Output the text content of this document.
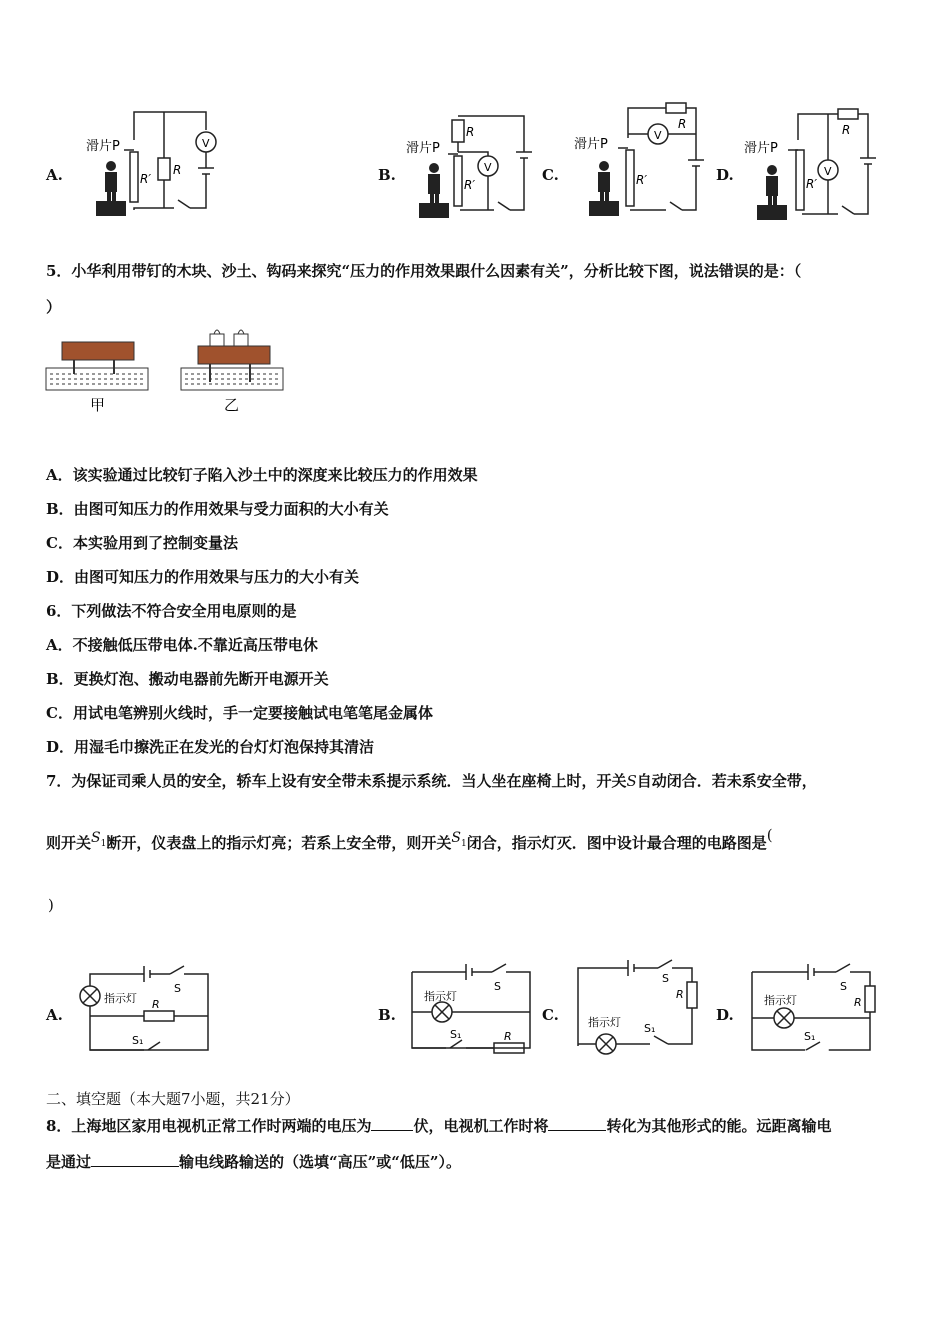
A.	B.	C.	D.
滑片P	V
R
R′
滑片P
R
V
R′
滑片P
V
R
R′
滑片P
R
V
R′
5．小华利用带钉的木块、沙土、钩码来探究“压力的作用效果跟什么因素有关”，分析比较下图，说法错误的是：（
）
甲	乙
A．该实验通过比较钉子陷入沙土中的深度来比较压力的作用效果
B．由图可知压力的作用效果与受力面积的大小有关
C．本实验用到了控制变量法
D．由图可知压力的作用效果与压力的大小有关
6．下列做法不符合安全用电原则的是
A．不接触低压带电体.不靠近高压带电休
B．更换灯泡、搬动电器前先断开电源开关
C．用试电笔辨别火线时，手一定要接触试电笔笔尾金属体
D．用湿毛巾擦洗正在发光的台灯灯泡保持其清洁
7．为保证司乘人员的安全，轿车上设有安全带未系提示系统．当人坐在座椅上时，开关S自动闭合．若未系安全带，
则开关$S_1$断开，仪表盘上的指示灯亮；若系上安全带，则开关$S_1$闭合，指示灯灭．图中设计最合理的电路图是(
)
A.	B.	C.	D.
指示灯
S
R
S₁
指示灯
S
S₁	R
S
R
指示灯 S₁
指示灯
S
R
S₁
二、填空题（本大题7小题，共21分）
8．上海地区家用电视机正常工作时两端的电压为	伏，电视机工作时将	转化为其他形式的能。远距离输电
是通过	输电线路输送的（选填“高压”或“低压”）。
